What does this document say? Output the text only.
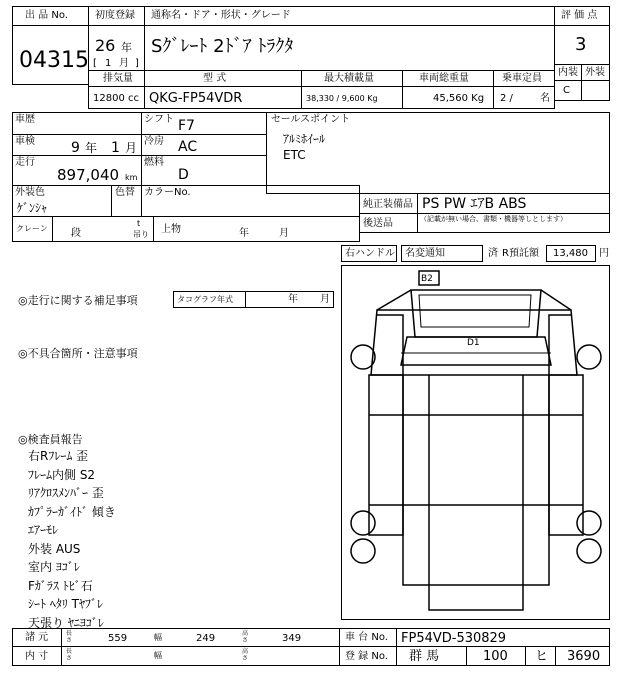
出 品 No.
04315
初度登録
26 年
[ 1 月 ]
通称名・ドア・形状・グレード
Sｸﾞﾚｰﾄ 2ﾄﾞｱ ﾄﾗｸﾀ
評 価 点
3
内装 外装
C
排気量	型 式	最大積載量	車両総重量	乗車定員
12800 cc QKG-FP54VDR	38,330 / 9,600 Kg	45,560 Kg 2 /	名
車歴
車検	9 年 1 月
走行
897,040 km
シフト F7
冷房 AC
燃料
D
セールスポイント
ｱﾙﾐﾎｲｰﾙ
ETC
外装色
ｹﾞﾝｼｬ
色替 カラーNo.
純正装備品 PS PW ｴｱB ABS
後送品	（記載が無い場合、書類・機器等しとします）
クレーン 段
t
吊り 上物	年	月
右ハンドル 名変通知	済 R預託額 13,480 円
◎走行に関する補足事項	タコグラフ年式	年 月
◎不具合箇所・注意事項
◎検査員報告
右Rﾌﾚｰﾑ 歪
ﾌﾚｰﾑ内側 S2
ﾘｱｸﾛｽﾒﾝﾊﾞｰ 歪
ｶﾌﾟﾗｰｶﾞｲﾄﾞ 傾き
ｴｱｰﾓﾚ
外装 AUS
室内 ﾖｺﾞﾚ
Fｶﾞﾗｽ ﾄﾋﾞ石
ｼｰﾄ ﾍﾀﾘ Tﾔﾌﾞﾚ
天張り ﾔﾆﾖｺﾞﾚ
B2
D1
諸 元	長さ	559	幅	249	高さ	349
内 寸	長さ	幅	高さ
車 台 No. FP54VD-530829
登 録 No. 群 馬	100 ヒ 3690
